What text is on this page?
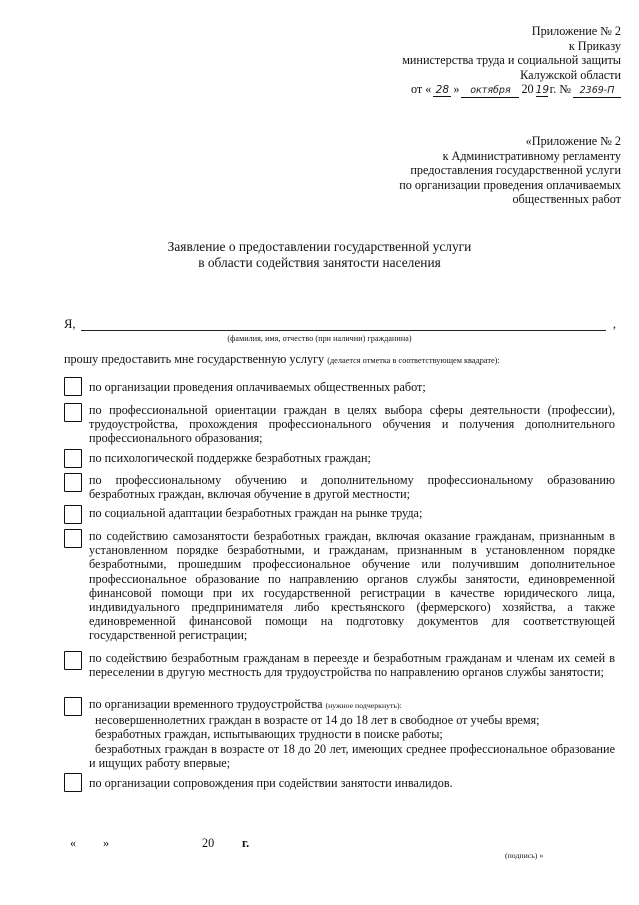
Приложение № 2
к Приказу
министерства труда и социальной защиты
Калужской области
от « 28 »	октября 20 19 г. № 2369-П
«Приложение № 2
к Административному регламенту
предоставления государственной услуги
по организации проведения оплачиваемых
общественных работ
Заявление о предоставлении государственной услуги
в области содействия занятости населения
Я,	,
(фамилия, имя, отчество (при наличии) гражданина)
прошу предоставить мне государственную услугу (делается отметка в соответствующем квадрате):
по организации проведения оплачиваемых общественных работ;
по профессиональной ориентации граждан в целях выбора сферы деятельности (профессии), трудоустройства, прохождения профессионального обучения и получения дополнительного профессионального образования;
по психологической поддержке безработных граждан;
по профессиональному обучению и дополнительному профессиональному образованию безработных граждан, включая обучение в другой местности;
по социальной адаптации безработных граждан на рынке труда;
по содействию самозанятости безработных граждан, включая оказание гражданам, признанным в установленном порядке безработными, и гражданам, признанным в установленном порядке безработными, прошедшим профессиональное обучение или получившим дополнительное профессиональное образование по направлению органов службы занятости, единовременной финансовой помощи при их государственной регистрации в качестве юридического лица, индивидуального предпринимателя либо крестьянского (фермерского) хозяйства, а также единовременной финансовой помощи на подготовку документов для соответствующей государственной регистрации;
по содействию безработным гражданам в переезде и безработным гражданам и членам их семей в переселении в другую местность для трудоустройства по направлению органов службы занятости;
по организации временного трудоустройства (нужное подчеркнуть):
несовершеннолетних граждан в возрасте от 14 до 18 лет в свободное от учебы время;
безработных граждан, испытывающих трудности в поиске работы;
безработных граждан в возрасте от 18 до 20 лет, имеющих среднее профессиональное образование и ищущих работу впервые;
по организации сопровождения при содействии занятости инвалидов.
« »	20 г.
(подпись) »
